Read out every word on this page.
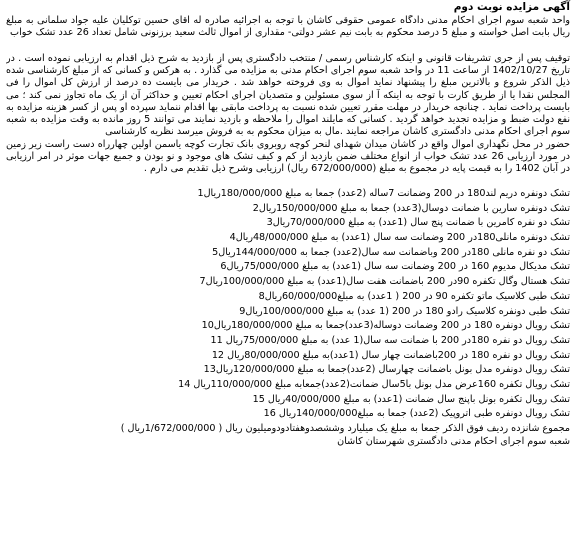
آگهی مزایده نوبت دوم

واحد شعبه سوم اجرای احکام مدنی دادگاه عمومی حقوقی کاشان با توجه به اجرائیه صادره له آقای حسین توکلیان علیه جواد سلمانی به مبلغ ریال بابت اصل خواسته و مبلغ 5 درصد محکوم به بابت نیم عشر دولتی- مقداری از اموال ثالث سعید برزنونی شامل تعداد 26 عدد تشک خواب

توقیف پس از جری تشریفات قانونی و اینکه کارشناس رسمی / منتخب دادگستری پس از بازدید به شرح ذیل اقدام به ارزیابی نموده است . در تاریخ 1402/10/27 از ساعت 11 در واحد شعبه سوم اجرای احکام مدنی به مزایده می گذارد . به هرکس و کسانی که از مبلغ کارشناسی شده ذیل الذکر شروع و بالاترین مبلغ را پیشنهاد نماید اموال به وی فروخته خواهد شد . خریدار می بایست ده درصد از ارزش کل اموال را فی المجلس نقدا یا از طریق کارت با توجه به اینکه آ از سوی مسئولین و متصدیان اجرای احکام تعیین و حداکثر آن از یک ماه تجاوز نمی کند ؛ می بایست پرداخت نماید . چنانچه خریدار در مهلت مقرر تعیین شده نسبت به پرداخت مابقی بها اقدام ننماید سپرده او پس از کسر هزینه مزایده به نفع دولت ضبط و مزایده تجدید خواهد گردید . کسانی که مایلند اموال را ملاحظه و بازدید نمایند می توانند 5 روز مانده به وقت مزایده به شعبه سوم اجرای احکام مدنی دادگستری کاشان مراجعه نمایند .مال به میزان محکوم به به فروش میرسد نظریه کارشناسی

حضور در محل نگهداری اموال واقع در کاشان میدان شهدای لنحر کوچه روبروی بانک تجارت کوچه یاسمن اولین چهارراه دست راست زیر زمین در مورد ارزیابی 26 عدد تشک خواب از انواع مختلف ضمن بازدید از کم و کیف تشک های موجود و نو بودن و جمیع جهات موثر در امر ارزیابی در آبان 1402 را به قیمت پایه در مجموع به مبلغ (672/000/000 ریال) ارزیابی وشرح ذیل تقدیم می دارم .

تشک دونفره دریم لند180 در 200 وضمانت 7ساله (2عدد) جمعا به مبلغ 180/000/000ریال1
تشک دونفره سارین با ضمانت دوسال(3عدد) جمعا به مبلغ 150/000/000ریال2
تشک دو نفره کامرین با ضمانت پنج سال (1عدد) به مبلغ 70/000/000ریال3
تشک دونفره مانلی180در 200 وضمانت سه سال (1عدد) به مبلغ 48/000/000ریال4
تشک دو نفره مانلی 180در 200 وباضمانت سه سال(2عدد) جمعا به 144/000/000ریال5
تشک مدیکال مدیوم 160 در 200 وضمانت سه سال (1عدد) به مبلغ 75/000/000ریال6
تشک هستال وگال تکفره 90در 200 باضمانت هفت سال(1عدد) به مبلغ 100/000/000ریال7
تشک طبی کلاسیک ماتو تکفره 90 در 200 ( 1عدد) به مبلغ60/000/000ریال8
تشک طبی دونفره کلاسیک رادو 180 در 200 (1 عدد) به مبلغ 100/000/000ریال9
تشک رویال دونفره 180 در 200 وضمانت دوساله(3عدد)جمعا به مبلغ 180/000/000ریال10
تشک رویال دو نفره 180در 200 با ضمانت سه سال(1 عدد) به مبلغ 75/000/000ریال 11
تشک رویال دو نفره 180 در 200باضمانت چهار سال (1عدد)به مبلغ 80/000/000ریال 12
تشک رویال دونفره مدل بونل باضمانت چهارسال (2عدد)جمعا به مبلغ 120/000/000ریال13
تشک رویال تکفره 160عرض مدل بونل با5سال ضمانت(2عدد)جمعابه مبلغ 110/000/000ریال 14
تشک رویال تکفره بونل باپنج سال ضمانت (1عدد) به مبلغ 40/000/000ریال 15
تشک رویال دونفره طبی اتروپیک (2عدد) جمعا به مبلغ140/000/000ریال 16
مجموع شانزده ردیف فوق الذکر جمعا به مبلغ یک میلیارد وششصدوهفتادودومیلیون ریال ( 1/672/000/000ریال )
شعبه سوم اجرای احکام مدنی دادگستری شهرستان کاشان
